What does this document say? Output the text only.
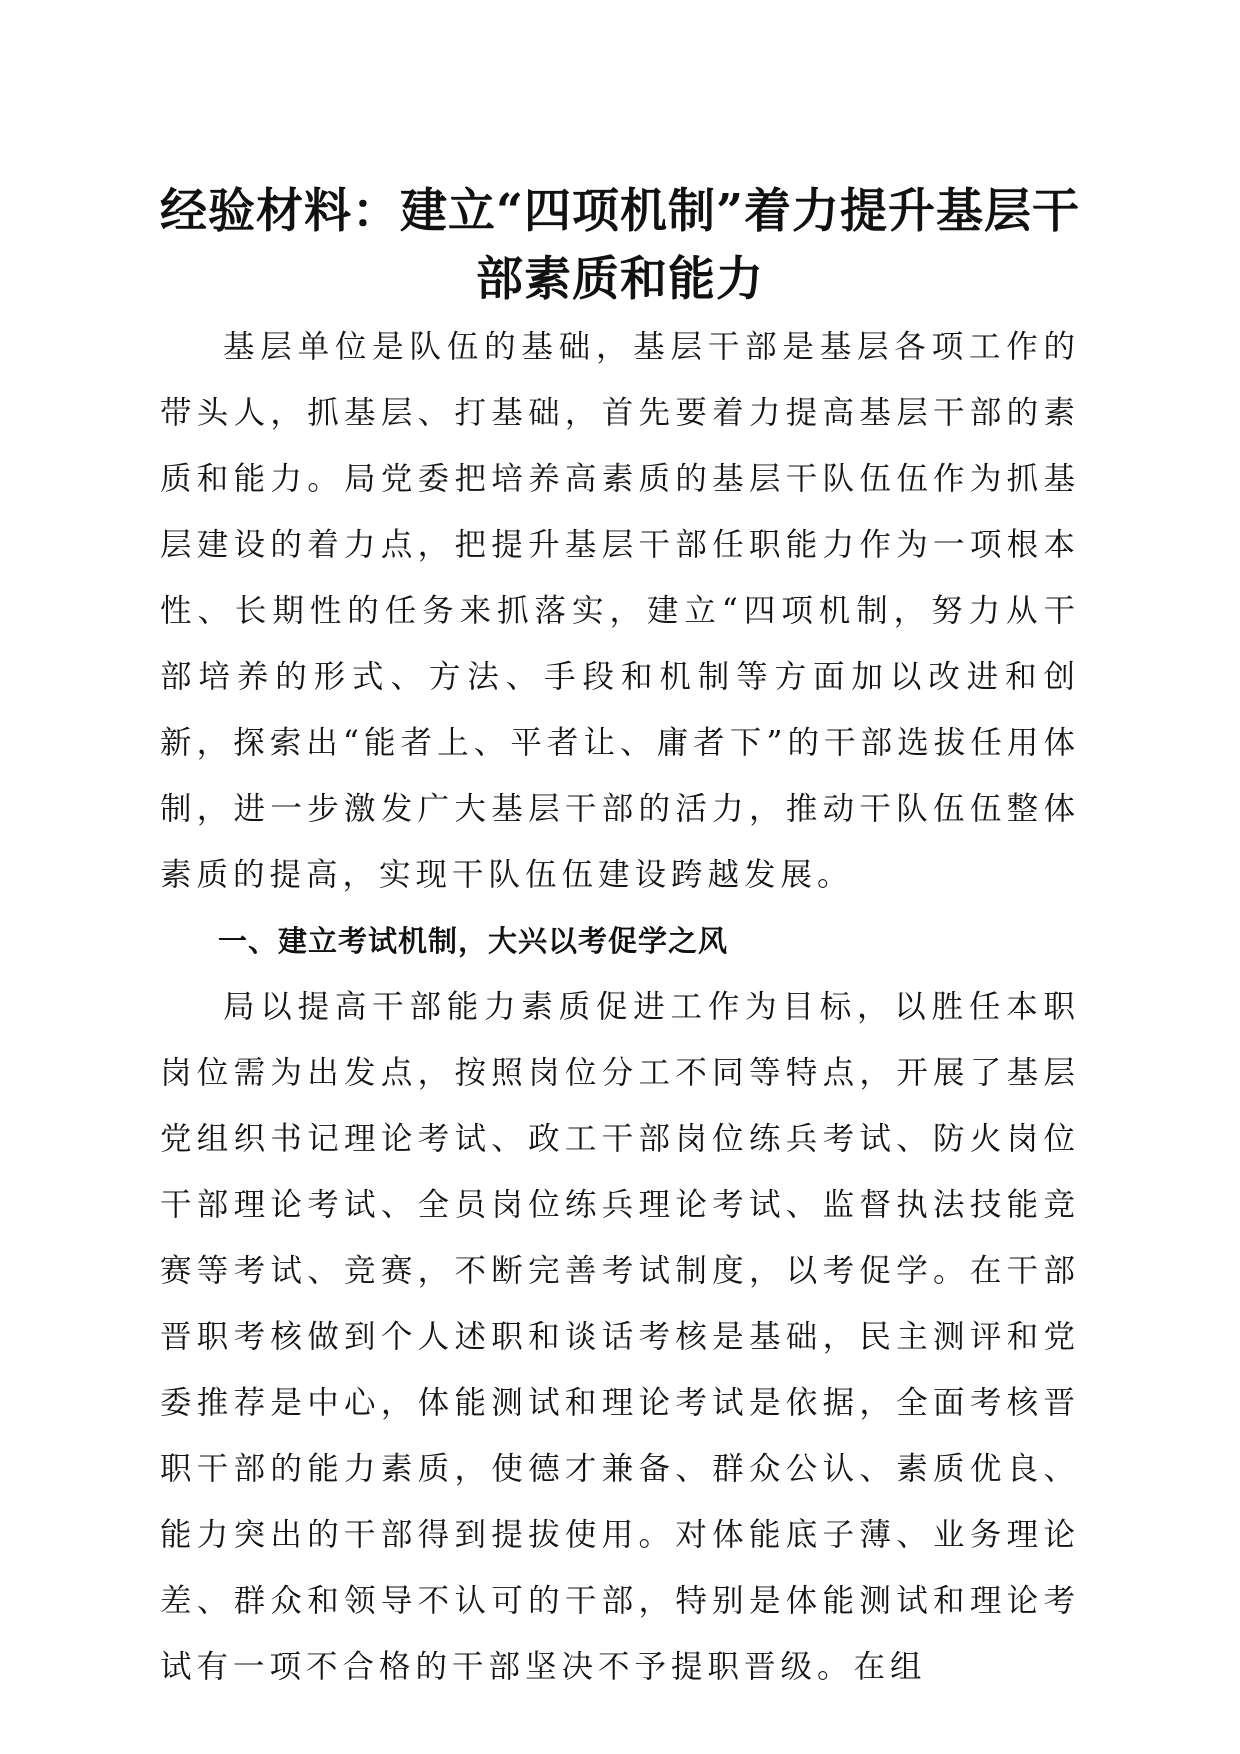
经验材料：建立“四项机制”着力提升基层干部素质和能力

基层单位是队伍的基础，基层干部是基层各项工作的带头人，抓基层、打基础，首先要着力提高基层干部的素质和能力。局党委把培养高素质的基层干队伍伍作为抓基层建设的着力点，把提升基层干部任职能力作为一项根本性、长期性的任务来抓落实，建立“四项机制，努力从干部培养的形式、方法、手段和机制等方面加以改进和创新，探索出“能者上、平者让、庸者下”的干部选拔任用体制，进一步激发广大基层干部的活力，推动干队伍伍整体素质的提高，实现干队伍伍建设跨越发展。

一、建立考试机制，大兴以考促学之风

局以提高干部能力素质促进工作为目标，以胜任本职岗位需为出发点，按照岗位分工不同等特点，开展了基层党组织书记理论考试、政工干部岗位练兵考试、防火岗位干部理论考试、全员岗位练兵理论考试、监督执法技能竞赛等考试、竞赛，不断完善考试制度，以考促学。在干部晋职考核做到个人述职和谈话考核是基础，民主测评和党委推荐是中心，体能测试和理论考试是依据，全面考核晋职干部的能力素质，使德才兼备、群众公认、素质优良、能力突出的干部得到提拔使用。对体能底子薄、业务理论差、群众和领导不认可的干部，特别是体能测试和理论考试有一项不合格的干部坚决不予提职晋级。在组
